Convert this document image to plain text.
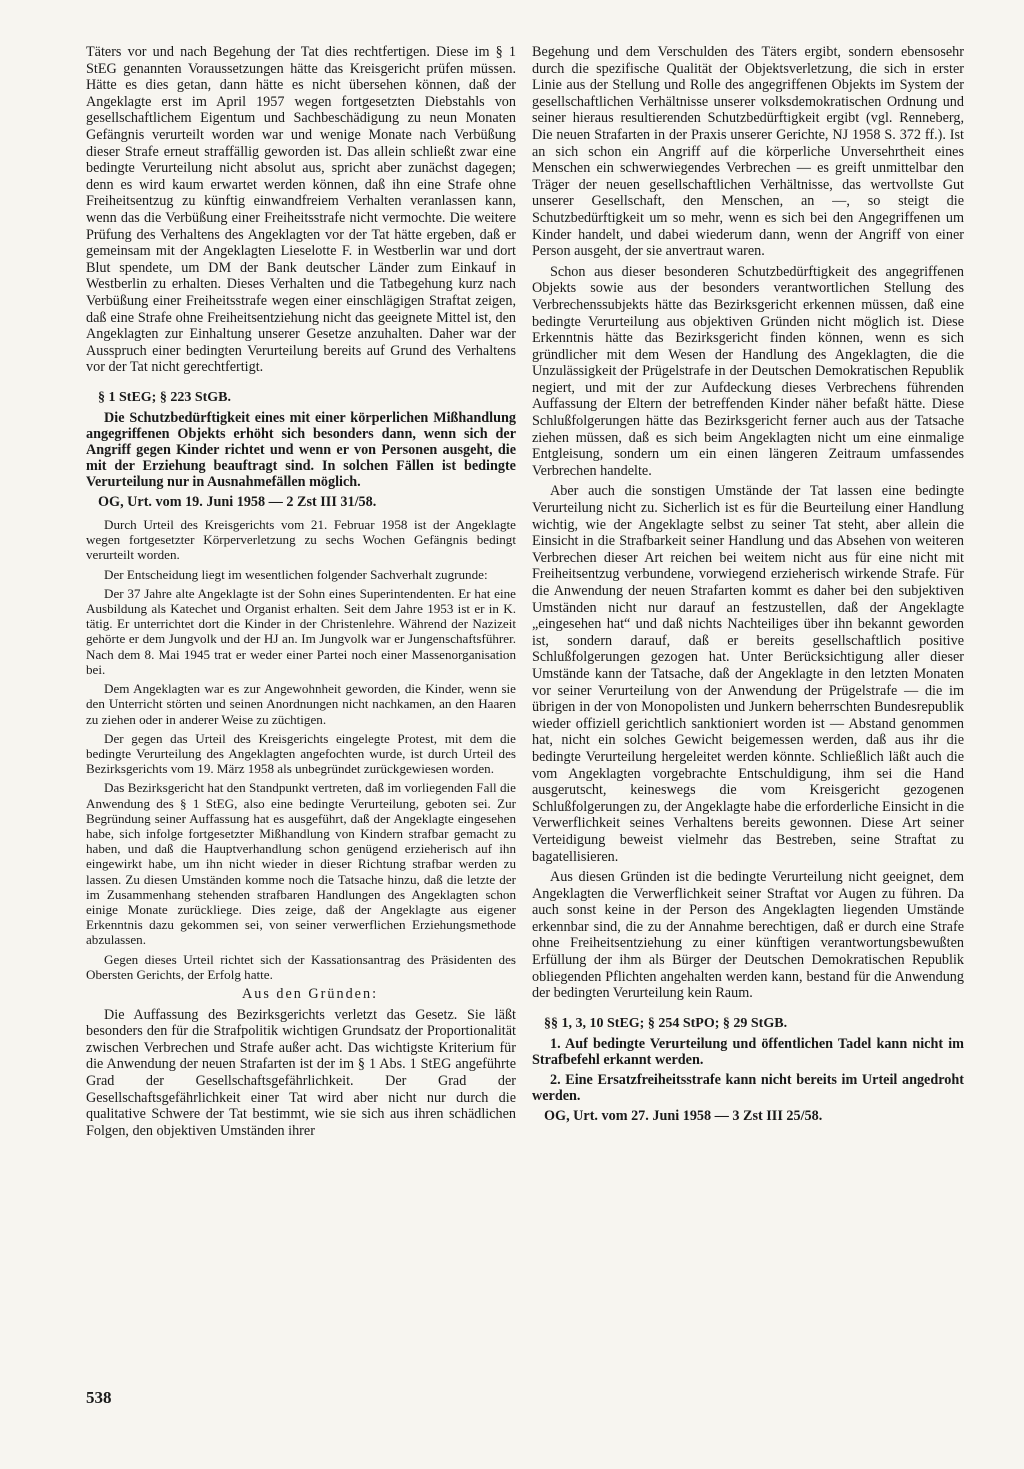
Täters vor und nach Begehung der Tat dies rechtfertigen. Diese im § 1 StEG genannten Voraussetzungen hätte das Kreisgericht prüfen müssen. Hätte es dies getan, dann hätte es nicht übersehen können, daß der Angeklagte erst im April 1957 wegen fortgesetzten Diebstahls von gesellschaftlichem Eigentum und Sachbeschädigung zu neun Monaten Gefängnis verurteilt worden war und wenige Monate nach Verbüßung dieser Strafe erneut straffällig geworden ist. Das allein schließt zwar eine bedingte Verurteilung nicht absolut aus, spricht aber zunächst dagegen; denn es wird kaum erwartet werden können, daß ihn eine Strafe ohne Freiheitsentzug zu künftig einwandfreiem Verhalten veranlassen kann, wenn das die Verbüßung einer Freiheitsstrafe nicht vermochte. Die weitere Prüfung des Verhaltens des Angeklagten vor der Tat hätte ergeben, daß er gemeinsam mit der Angeklagten Lieselotte F. in Westberlin war und dort Blut spendete, um DM der Bank deutscher Länder zum Einkauf in Westberlin zu erhalten. Dieses Verhalten und die Tatbegehung kurz nach Verbüßung einer Freiheitsstrafe wegen einer einschlägigen Straftat zeigen, daß eine Strafe ohne Freiheitsentziehung nicht das geeignete Mittel ist, den Angeklagten zur Einhaltung unserer Gesetze anzuhalten. Daher war der Ausspruch einer bedingten Verurteilung bereits auf Grund des Verhaltens vor der Tat nicht gerechtfertigt.

§ 1 StEG; § 223 StGB.

Die Schutzbedürftigkeit eines mit einer körperlichen Mißhandlung angegriffenen Objekts erhöht sich besonders dann, wenn sich der Angriff gegen Kinder richtet und wenn er von Personen ausgeht, die mit der Erziehung beauftragt sind. In solchen Fällen ist bedingte Verurteilung nur in Ausnahmefällen möglich.

OG, Urt. vom 19. Juni 1958 — 2 Zst III 31/58.

Durch Urteil des Kreisgerichts vom 21. Februar 1958 ist der Angeklagte wegen fortgesetzter Körperverletzung zu sechs Wochen Gefängnis bedingt verurteilt worden.

Der Entscheidung liegt im wesentlichen folgender Sachverhalt zugrunde:

Der 37 Jahre alte Angeklagte ist der Sohn eines Superintendenten. Er hat eine Ausbildung als Katechet und Organist erhalten. Seit dem Jahre 1953 ist er in K. tätig. Er unterrichtet dort die Kinder in der Christenlehre. Während der Nazizeit gehörte er dem Jungvolk und der HJ an. Im Jungvolk war er Jungenschaftsführer. Nach dem 8. Mai 1945 trat er weder einer Partei noch einer Massenorganisation bei.

Dem Angeklagten war es zur Angewohnheit geworden, die Kinder, wenn sie den Unterricht störten und seinen Anordnungen nicht nachkamen, an den Haaren zu ziehen oder in anderer Weise zu züchtigen.

Der gegen das Urteil des Kreisgerichts eingelegte Protest, mit dem die bedingte Verurteilung des Angeklagten angefochten wurde, ist durch Urteil des Bezirksgerichts vom 19. März 1958 als unbegründet zurückgewiesen worden.

Das Bezirksgericht hat den Standpunkt vertreten, daß im vorliegenden Fall die Anwendung des § 1 StEG, also eine bedingte Verurteilung, geboten sei. Zur Begründung seiner Auffassung hat es ausgeführt, daß der Angeklagte eingesehen habe, sich infolge fortgesetzter Mißhandlung von Kindern strafbar gemacht zu haben, und daß die Hauptverhandlung schon genügend erzieherisch auf ihn eingewirkt habe, um ihn nicht wieder in dieser Richtung strafbar werden zu lassen. Zu diesen Umständen komme noch die Tatsache hinzu, daß die letzte der im Zusammenhang stehenden strafbaren Handlungen des Angeklagten schon einige Monate zurückliege. Dies zeige, daß der Angeklagte aus eigener Erkenntnis dazu gekommen sei, von seiner verwerflichen Erziehungsmethode abzulassen.

Gegen dieses Urteil richtet sich der Kassationsantrag des Präsidenten des Obersten Gerichts, der Erfolg hatte.

Aus den Gründen:

Die Auffassung des Bezirksgerichts verletzt das Gesetz. Sie läßt besonders den für die Strafpolitik wichtigen Grundsatz der Proportionalität zwischen Verbrechen und Strafe außer acht. Das wichtigste Kriterium für die Anwendung der neuen Strafarten ist der im § 1 Abs. 1 StEG angeführte Grad der Gesellschaftsgefährlichkeit. Der Grad der Gesellschaftsgefährlichkeit einer Tat wird aber nicht nur durch die qualitative Schwere der Tat bestimmt, wie sie sich aus ihren schädlichen Folgen, den objektiven Umständen ihrer

Begehung und dem Verschulden des Täters ergibt, sondern ebensosehr durch die spezifische Qualität der Objektsverletzung, die sich in erster Linie aus der Stellung und Rolle des angegriffenen Objekts im System der gesellschaftlichen Verhältnisse unserer volksdemokratischen Ordnung und seiner hieraus resultierenden Schutzbedürftigkeit ergibt (vgl. Renneberg, Die neuen Strafarten in der Praxis unserer Gerichte, NJ 1958 S. 372 ff.). Ist an sich schon ein Angriff auf die körperliche Unversehrtheit eines Menschen ein schwerwiegendes Verbrechen — es greift unmittelbar den Träger der neuen gesellschaftlichen Verhältnisse, das wertvollste Gut unserer Gesellschaft, den Menschen, an —, so steigt die Schutzbedürftigkeit um so mehr, wenn es sich bei den Angegriffenen um Kinder handelt, und dabei wiederum dann, wenn der Angriff von einer Person ausgeht, der sie anvertraut waren.

Schon aus dieser besonderen Schutzbedürftigkeit des angegriffenen Objekts sowie aus der besonders verantwortlichen Stellung des Verbrechenssubjekts hätte das Bezirksgericht erkennen müssen, daß eine bedingte Verurteilung aus objektiven Gründen nicht möglich ist. Diese Erkenntnis hätte das Bezirksgericht finden können, wenn es sich gründlicher mit dem Wesen der Handlung des Angeklagten, die die Unzulässigkeit der Prügelstrafe in der Deutschen Demokratischen Republik negiert, und mit der zur Aufdeckung dieses Verbrechens führenden Auffassung der Eltern der betreffenden Kinder näher befaßt hätte. Diese Schlußfolgerungen hätte das Bezirksgericht ferner auch aus der Tatsache ziehen müssen, daß es sich beim Angeklagten nicht um eine einmalige Entgleisung, sondern um ein einen längeren Zeitraum umfassendes Verbrechen handelte.

Aber auch die sonstigen Umstände der Tat lassen eine bedingte Verurteilung nicht zu. Sicherlich ist es für die Beurteilung einer Handlung wichtig, wie der Angeklagte selbst zu seiner Tat steht, aber allein die Einsicht in die Strafbarkeit seiner Handlung und das Absehen von weiteren Verbrechen dieser Art reichen bei weitem nicht aus für eine nicht mit Freiheitsentzug verbundene, vorwiegend erzieherisch wirkende Strafe. Für die Anwendung der neuen Strafarten kommt es daher bei den subjektiven Umständen nicht nur darauf an festzustellen, daß der Angeklagte „eingesehen hat“ und daß nichts Nachteiliges über ihn bekannt geworden ist, sondern darauf, daß er bereits gesellschaftlich positive Schlußfolgerungen gezogen hat. Unter Berücksichtigung aller dieser Umstände kann der Tatsache, daß der Angeklagte in den letzten Monaten vor seiner Verurteilung von der Anwendung der Prügelstrafe — die im übrigen in der von Monopolisten und Junkern beherrschten Bundesrepublik wieder offiziell gerichtlich sanktioniert worden ist — Abstand genommen hat, nicht ein solches Gewicht beigemessen werden, daß aus ihr die bedingte Verurteilung hergeleitet werden könnte. Schließlich läßt auch die vom Angeklagten vorgebrachte Entschuldigung, ihm sei die Hand ausgerutscht, keineswegs die vom Kreisgericht gezogenen Schlußfolgerungen zu, der Angeklagte habe die erforderliche Einsicht in die Verwerflichkeit seines Verhaltens bereits gewonnen. Diese Art seiner Verteidigung beweist vielmehr das Bestreben, seine Straftat zu bagatellisieren.

Aus diesen Gründen ist die bedingte Verurteilung nicht geeignet, dem Angeklagten die Verwerflichkeit seiner Straftat vor Augen zu führen. Da auch sonst keine in der Person des Angeklagten liegenden Umstände erkennbar sind, die zu der Annahme berechtigen, daß er durch eine Strafe ohne Freiheitsentziehung zu einer künftigen verantwortungsbewußten Erfüllung der ihm als Bürger der Deutschen Demokratischen Republik obliegenden Pflichten angehalten werden kann, bestand für die Anwendung der bedingten Verurteilung kein Raum.

§§ 1, 3, 10 StEG; § 254 StPO; § 29 StGB.

1. Auf bedingte Verurteilung und öffentlichen Tadel kann nicht im Strafbefehl erkannt werden.

2. Eine Ersatzfreiheitsstrafe kann nicht bereits im Urteil angedroht werden.

OG, Urt. vom 27. Juni 1958 — 3 Zst III 25/58.
538
